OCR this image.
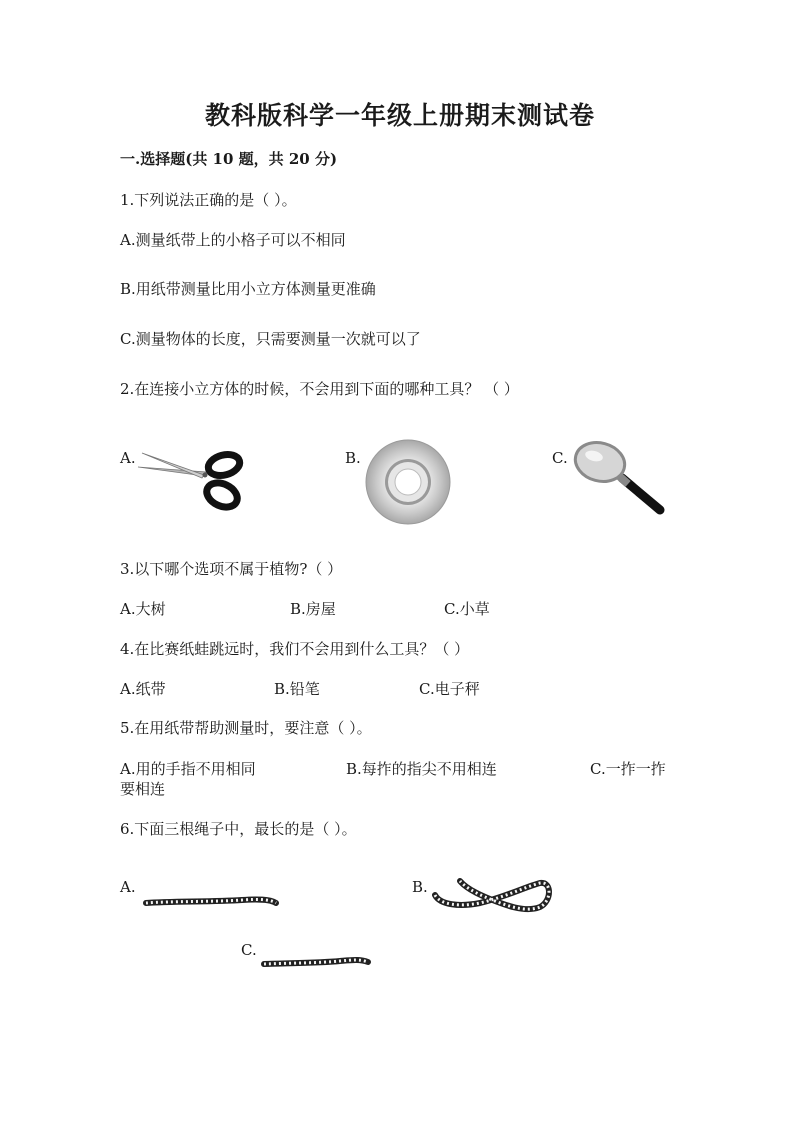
教科版科学一年级上册期末测试卷
一.选择题(共 10 题，共 20 分)
1.下列说法正确的是（ ）。
A.测量纸带上的小格子可以不相同
B.用纸带测量比用小立方体测量更准确
C.测量物体的长度，只需要测量一次就可以了
2.在连接小立方体的时候，不会用到下面的哪种工具？ （ ）
A.	B.	C.
3.以下哪个选项不属于植物?（ ）
A.大树	B.房屋	C.小草
4.在比赛纸蛙跳远时，我们不会用到什么工具？（ ）
A.纸带	B.铅笔	C.电子秤
5.在用纸带帮助测量时，要注意（ ）。
A.用的手指不用相同	B.每拃的指尖不用相连	C.一拃一拃
要相连
6.下面三根绳子中，最长的是（ ）。
A.	B.
C.
